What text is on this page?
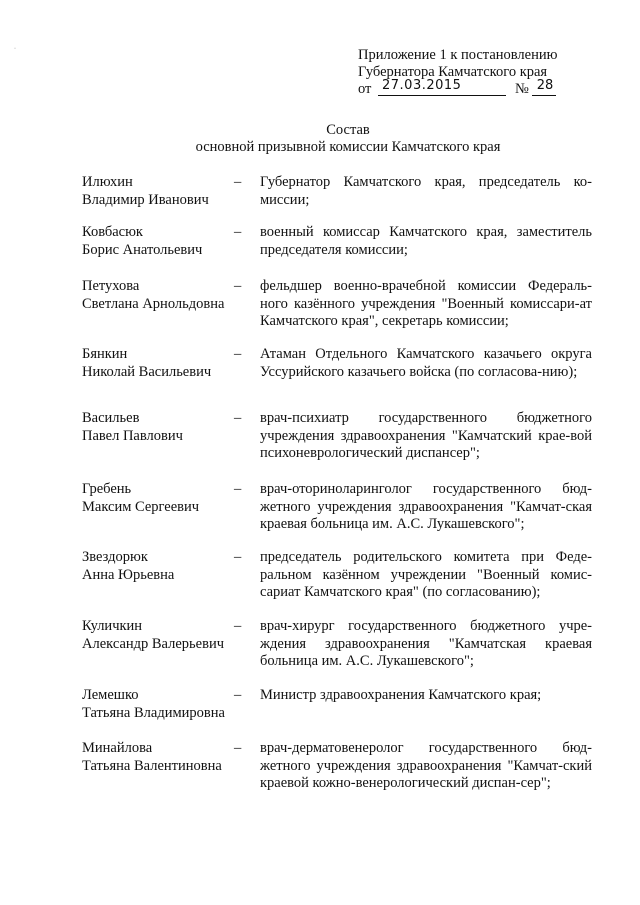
·	Приложение 1 к постановлению
Губернатора Камчатского края
от 27.03.2015	№ 28
Состав
основной призывной комиссии Камчатского края
Илюхин
Владимир Иванович
–	Губернатор Камчатского края, председатель ко-миссии;
Ковбасюк
Борис Анатольевич
–	военный комиссар Камчатского края, заместитель председателя комиссии;
Петухова
Светлана Арнольдовна
–	фельдшер военно-врачебной комиссии Федераль-ного казённого учреждения "Военный комиссари-ат Камчатского края", секретарь комиссии;
Бянкин
Николай Васильевич
–	Атаман Отдельного Камчатского казачьего округа Уссурийского казачьего войска (по согласова-нию);
Васильев
Павел Павлович
–	врач-психиатр государственного бюджетного учреждения здравоохранения "Камчатский крае-вой психоневрологический диспансер";
Гребень
Максим Сергеевич
–	врач-оториноларинголог государственного бюд-жетного учреждения здравоохранения "Камчат-ская краевая больница им. А.С. Лукашевского";
Звездорюк
Анна Юрьевна
–	председатель родительского комитета при Феде-ральном казённом учреждении "Военный комис-сариат Камчатского края" (по согласованию);
Куличкин
Александр Валерьевич
–	врач-хирург государственного бюджетного учре-ждения здравоохранения "Камчатская краевая больница им. А.С. Лукашевского";
Лемешко
Татьяна Владимировна
–	Министр здравоохранения Камчатского края;
Минайлова
Татьяна Валентиновна
–	врач-дерматовенеролог государственного бюд-жетного учреждения здравоохранения "Камчат-ский краевой кожно-венерологический диспан-сер";
